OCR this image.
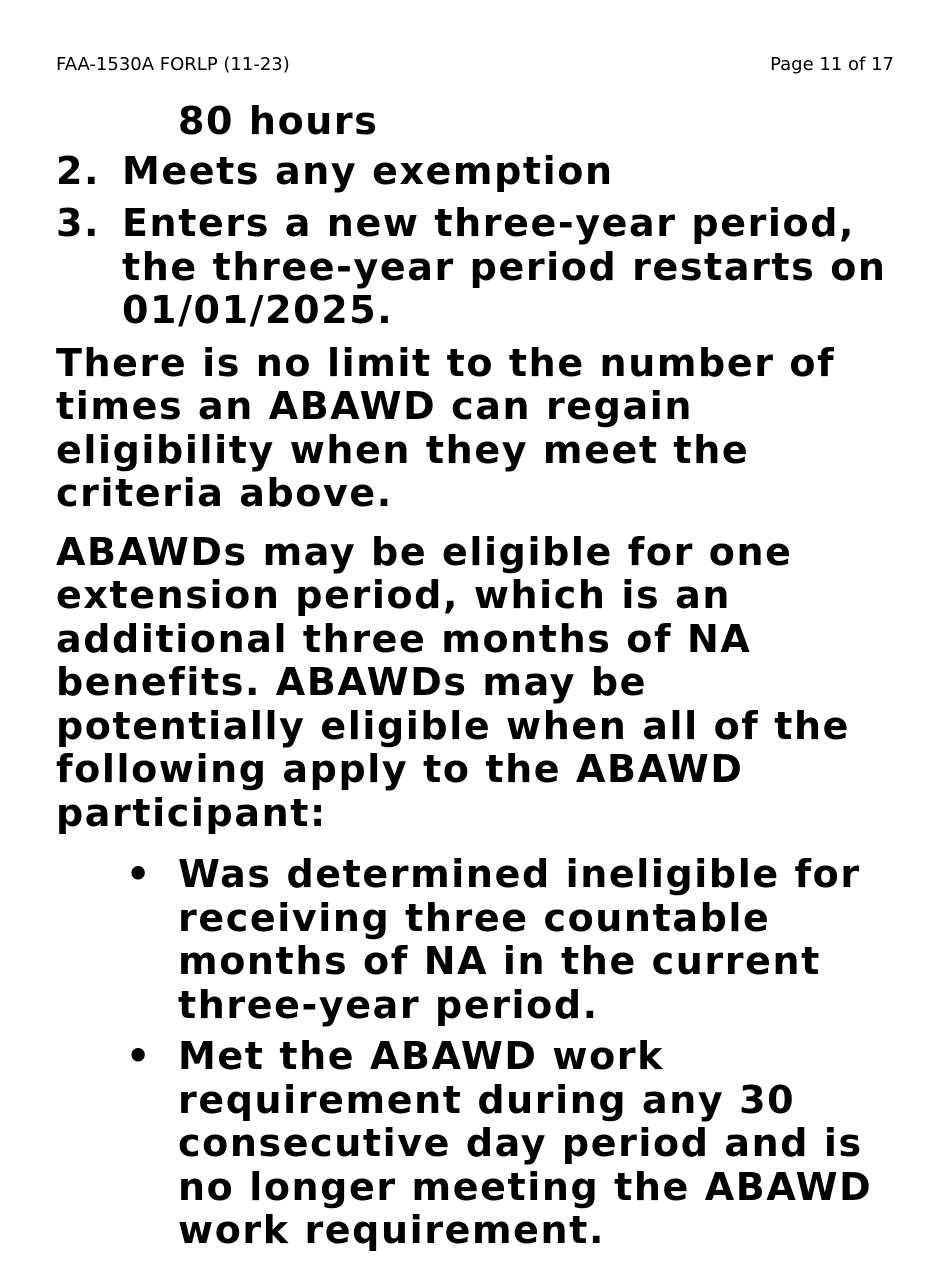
FAA-1530A FORLP (11-23)	Page 11 of 17
80 hours
2. Meets any exemption
3. Enters a new three-year period, the three-year period restarts on 01/01/2025.

There is no limit to the number of times an ABAWD can regain eligibility when they meet the criteria above.

ABAWDs may be eligible for one extension period, which is an additional three months of NA benefits. ABAWDs may be potentially eligible when all of the following apply to the ABAWD participant:

• Was determined ineligible for receiving three countable months of NA in the current three-year period.
• Met the ABAWD work requirement during any 30 consecutive day period and is no longer meeting the ABAWD work requirement.
